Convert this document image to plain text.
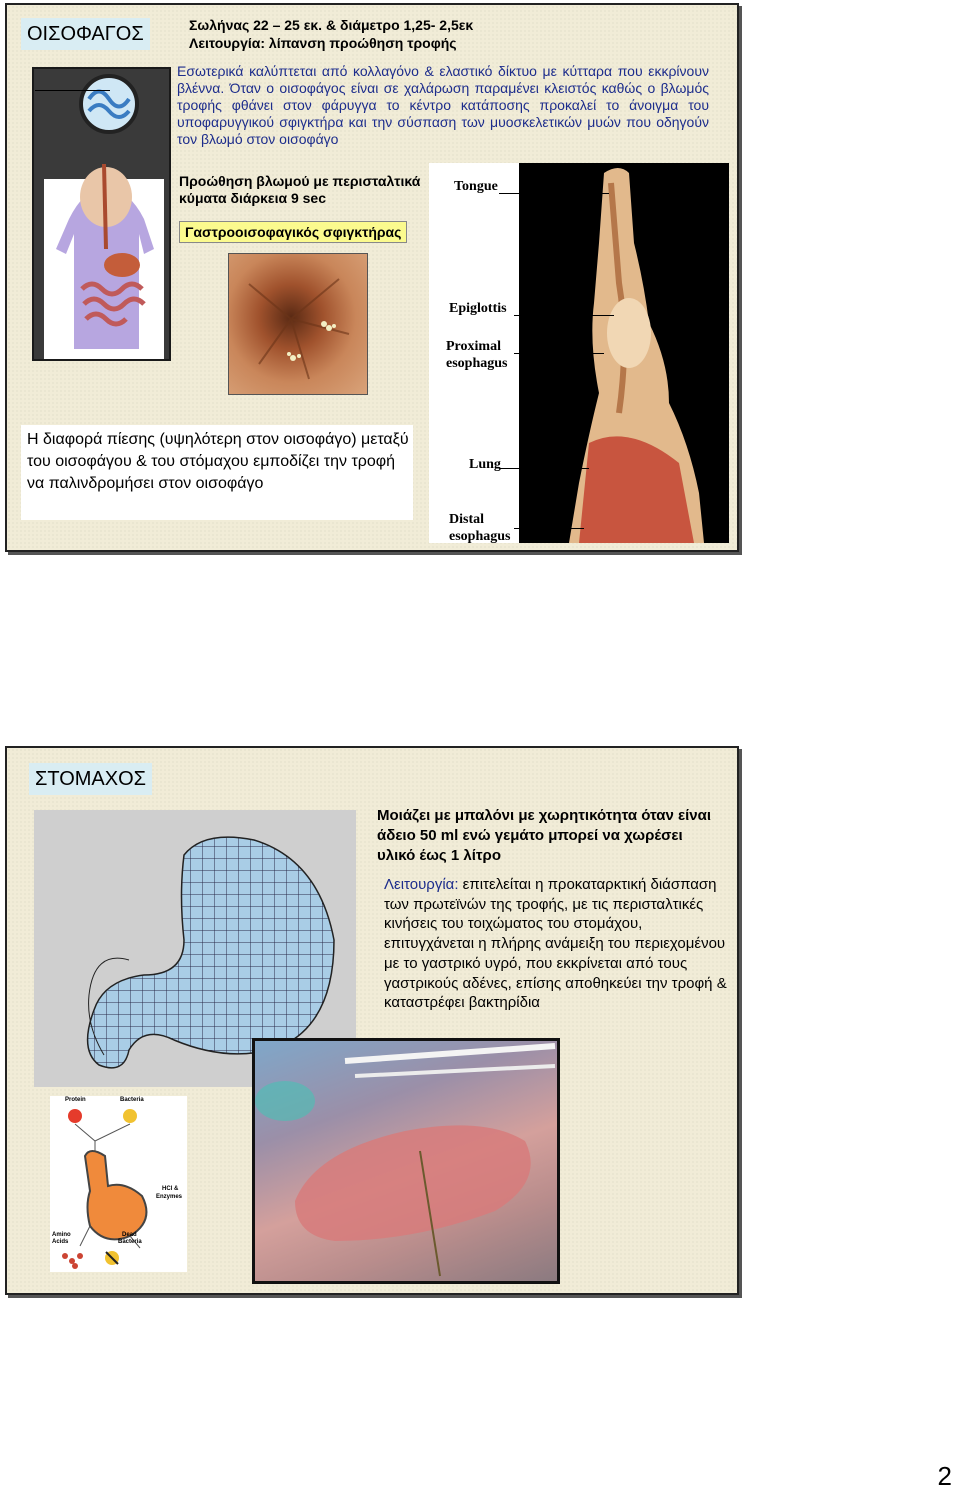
ΟΙΣΟΦΑΓΟΣ	Σωλήνας 22 – 25 εκ. & διάμετρο 1,25- 2,5εκ
Λειτουργία: λίπανση προώθηση τροφής
Εσωτερικά καλύπτεται από κολλαγόνο & ελαστικό δίκτυο με κύτταρα που εκκρίνουν βλέννα. Όταν ο οισοφάγος είναι σε χαλάρωση παραμένει κλειστός καθώς ο βλωμός τροφής φθάνει στον φάρυγγα το κέντρο κατάποσης προκαλεί το άνοιγμα του υποφαρυγγικού σφιγκτήρα και την σύσπαση των μυοσκελετικών μυών που οδηγούν τον βλωμό στον οισοφάγο
Προώθηση βλωμού με περισταλτικά κύματα διάρκεια 9 sec
Γαστροοισοφαγικός σφιγκτήρας
Tongue
Epiglottis
Proximal
esophagus
Lung
Distal
esophagus
Η διαφορά πίεσης (υψηλότερη στον οισοφάγο) μεταξύ του οισοφάγου & του στόμαχου εμποδίζει την τροφή να παλινδρομήσει στον οισοφάγο
ΣΤΟΜΑΧΟΣ
Μοιάζει με μπαλόνι με χωρητικότητα όταν είναι άδειο 50 ml ενώ γεμάτο μπορεί να χωρέσει υλικό έως 1 λίτρο
Λειτουργία: επιτελείται η προκαταρκτική διάσπαση των πρωτεϊνών της τροφής, με τις περισταλτικές κινήσεις του τοιχώματος του στομάχου, επιτυγχάνεται η πλήρης ανάμειξη του περιεχομένου με το γαστρικό υγρό, που εκκρίνεται από τους γαστρικούς αδένες, επίσης αποθηκεύει την τροφή & καταστρέφει βακτηρίδια
Protein	Bacteria
HCl &
Enzymes
Amino
Acids
Dead
Bacteria
2
